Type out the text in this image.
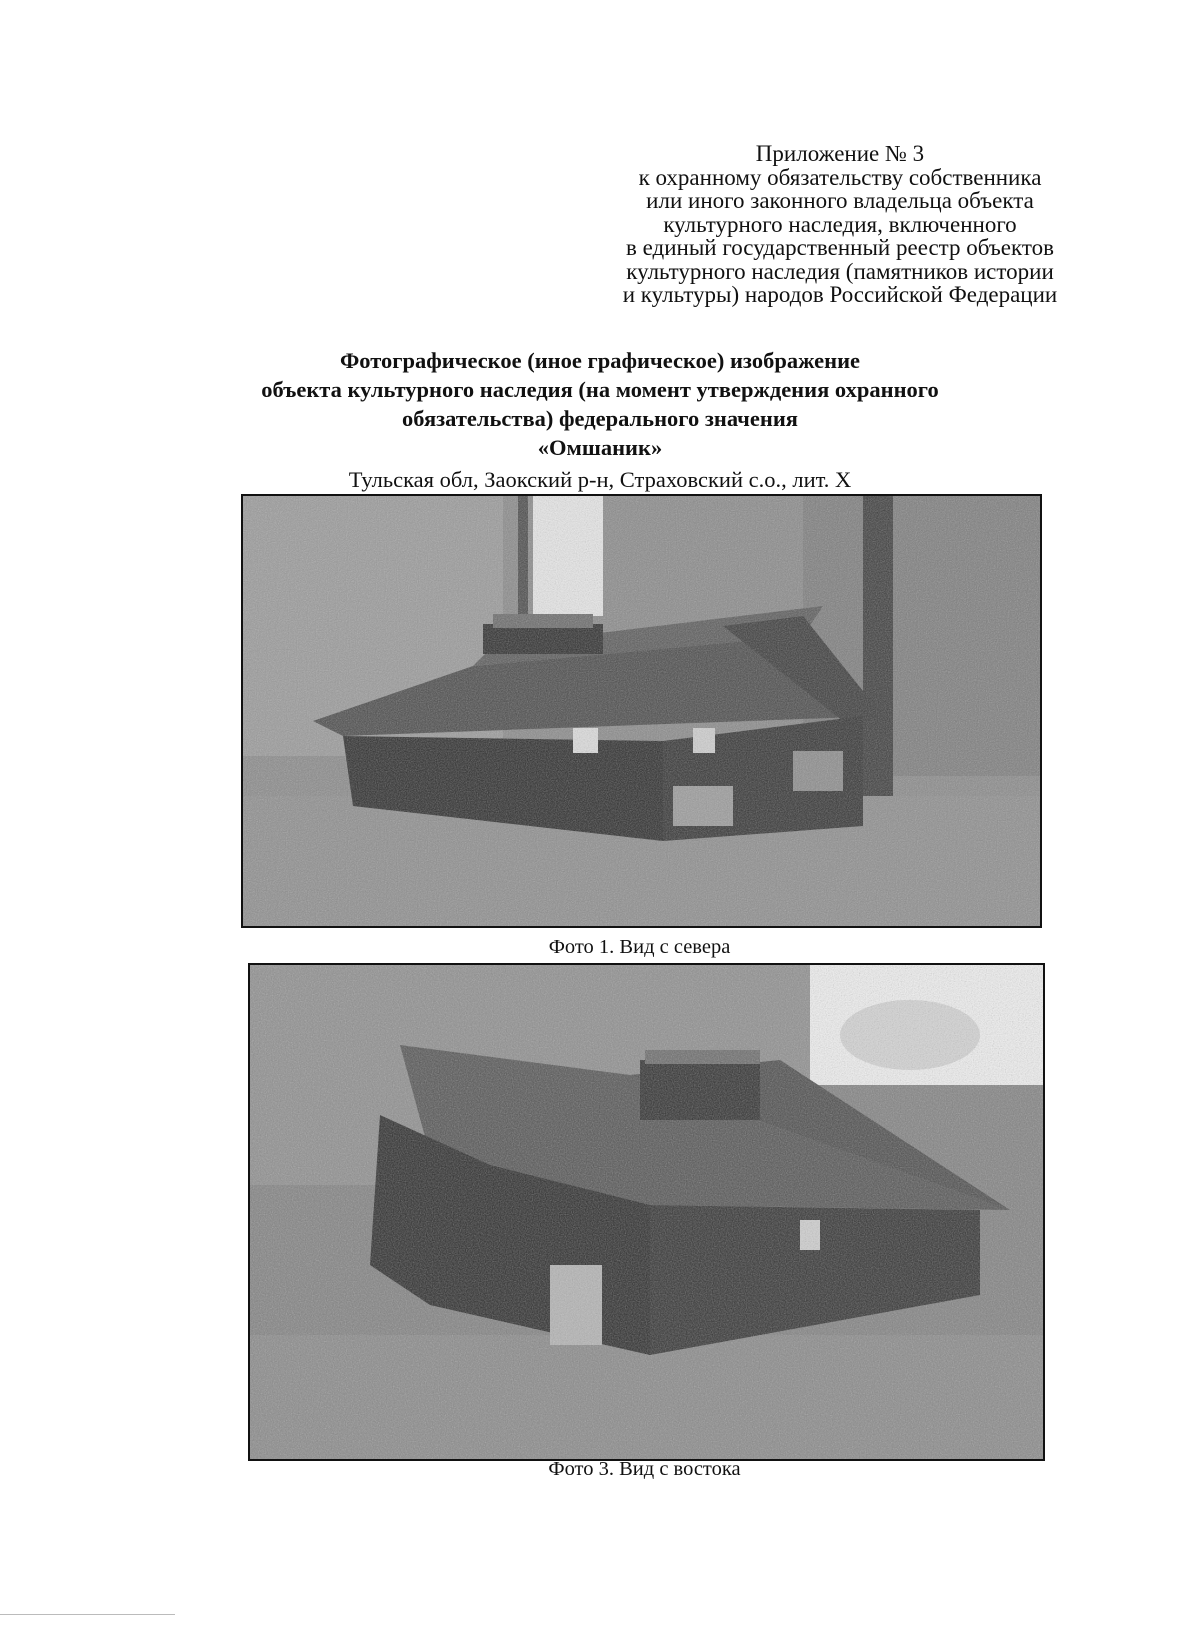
Приложение № 3
к охранному обязательству собственника
или иного законного владельца объекта
культурного наследия, включенного
в единый государственный реестр объектов
культурного наследия (памятников истории
и культуры) народов Российской Федерации
Фотографическое (иное графическое) изображение
объекта культурного наследия (на момент утверждения охранного
обязательства) федерального значения
«Омшаник»
Тульская обл, Заокский р-н, Страховский с.о., лит. Х
Фото 1. Вид с севера
Фото 3. Вид с востока
